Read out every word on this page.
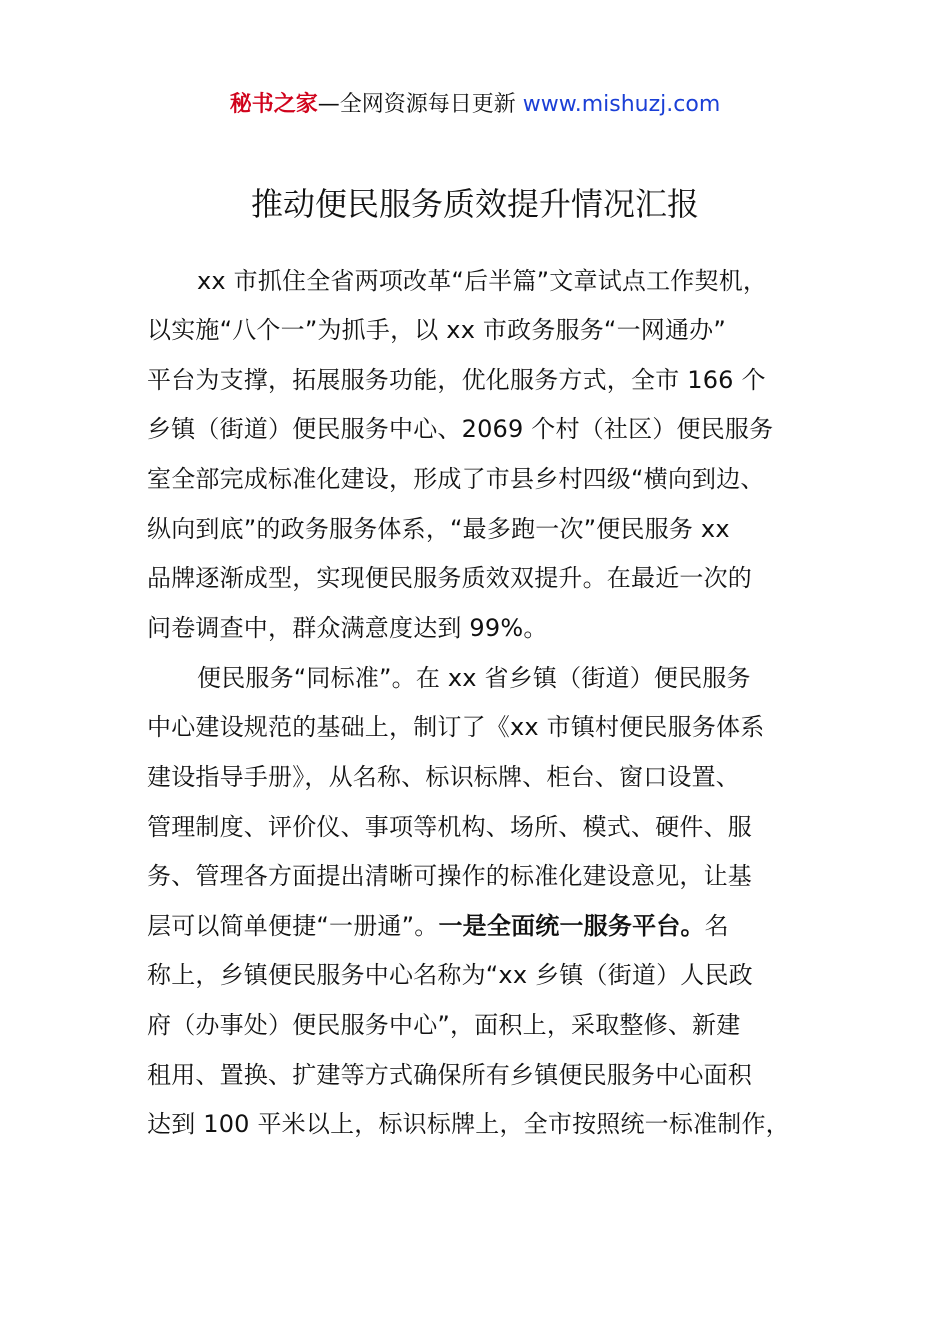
秘书之家—全网资源每日更新 www.mishuzj.com
推动便民服务质效提升情况汇报
xx 市抓住全省两项改革“后半篇”文章试点工作契机，
以实施“八个一”为抓手，以 xx 市政务服务“一网通办”
平台为支撑，拓展服务功能，优化服务方式，全市 166 个
乡镇（街道）便民服务中心、2069 个村（社区）便民服务
室全部完成标准化建设，形成了市县乡村四级“横向到边、
纵向到底”的政务服务体系，“最多跑一次”便民服务 xx
品牌逐渐成型，实现便民服务质效双提升。在最近一次的
问卷调查中，群众满意度达到 99%。
便民服务“同标准”。在 xx 省乡镇（街道）便民服务
中心建设规范的基础上，制订了《xx 市镇村便民服务体系
建设指导手册》，从名称、标识标牌、柜台、窗口设置、
管理制度、评价仪、事项等机构、场所、模式、硬件、服
务、管理各方面提出清晰可操作的标准化建设意见，让基
层可以简单便捷“一册通”。一是全面统一服务平台。名
称上，乡镇便民服务中心名称为“xx 乡镇（街道）人民政
府（办事处）便民服务中心”，面积上，采取整修、新建
租用、置换、扩建等方式确保所有乡镇便民服务中心面积
达到 100 平米以上，标识标牌上，全市按照统一标准制作，
